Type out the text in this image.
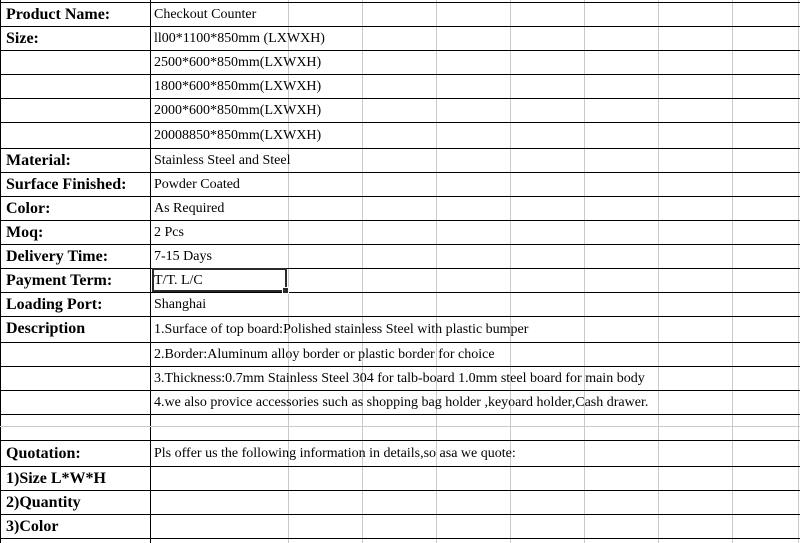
Product Name:	Checkout Counter
Size:	ll00*1100*850mm (LXWXH)
2500*600*850mm(LXWXH)
1800*600*850mm(LXWXH)
2000*600*850mm(LXWXH)
20008850*850mm(LXWXH)
Material:	Stainless Steel and Steel
Surface Finished: Powder Coated
Color:	As Required
Moq:	2 Pcs
Delivery Time:	7-15 Days
Payment Term:	T/T. L/C
Loading Port:	Shanghai
Description	1.Surface of top board:Polished stainless Steel with plastic bumper
2.Border:Aluminum alloy border or plastic border for choice
3.Thickness:0.7mm Stainless Steel 304 for talb-board 1.0mm steel board for main body
4.we also provice accessories such as shopping bag holder ,keyoard holder,Cash drawer.
Quotation:	Pls offer us the following information in details,so asa we quote:
1)Size L*W*H
2)Quantity
3)Color
